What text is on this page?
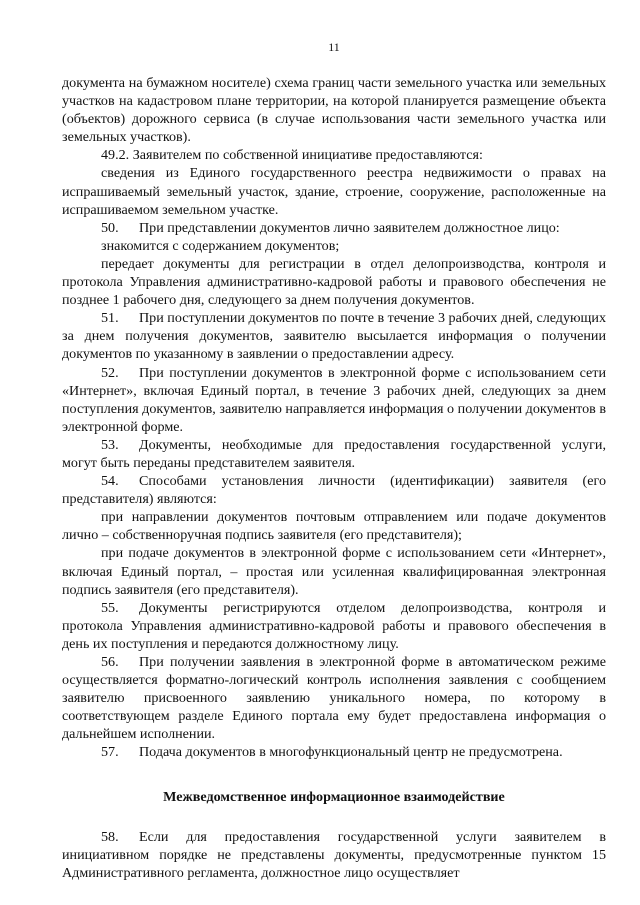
11

документа на бумажном носителе) схема границ части земельного участка или земельных участков на кадастровом плане территории, на которой планируется размещение объекта (объектов) дорожного сервиса (в случае использования части земельного участка или земельных участков).

49.2. Заявителем по собственной инициативе предоставляются:

сведения из Единого государственного реестра недвижимости о правах на испрашиваемый земельный участок, здание, строение, сооружение, расположенные на испрашиваемом земельном участке.

50. При представлении документов лично заявителем должностное лицо:

знакомится с содержанием документов;

передает документы для регистрации в отдел делопроизводства, контроля и протокола Управления административно-кадровой работы и правового обеспечения не позднее 1 рабочего дня, следующего за днем получения документов.

51. При поступлении документов по почте в течение 3 рабочих дней, следующих за днем получения документов, заявителю высылается информация о получении документов по указанному в заявлении о предоставлении адресу.

52. При поступлении документов в электронной форме с использованием сети «Интернет», включая Единый портал, в течение 3 рабочих дней, следующих за днем поступления документов, заявителю направляется информация о получении документов в электронной форме.

53. Документы, необходимые для предоставления государственной услуги, могут быть переданы представителем заявителя.

54. Способами установления личности (идентификации) заявителя (его представителя) являются:

при направлении документов почтовым отправлением или подаче документов лично – собственноручная подпись заявителя (его представителя);

при подаче документов в электронной форме с использованием сети «Интернет», включая Единый портал, – простая или усиленная квалифицированная электронная подпись заявителя (его представителя).

55. Документы регистрируются отделом делопроизводства, контроля и протокола Управления административно-кадровой работы и правового обеспечения в день их поступления и передаются должностному лицу.

56. При получении заявления в электронной форме в автоматическом режиме осуществляется форматно-логический контроль исполнения заявления с сообщением заявителю присвоенного заявлению уникального номера, по которому в соответствующем разделе Единого портала ему будет предоставлена информация о дальнейшем исполнении.

57. Подача документов в многофункциональный центр не предусмотрена.

Межведомственное информационное взаимодействие

58. Если для предоставления государственной услуги заявителем в инициативном порядке не представлены документы, предусмотренные пунктом 15 Административного регламента, должностное лицо осуществляет
